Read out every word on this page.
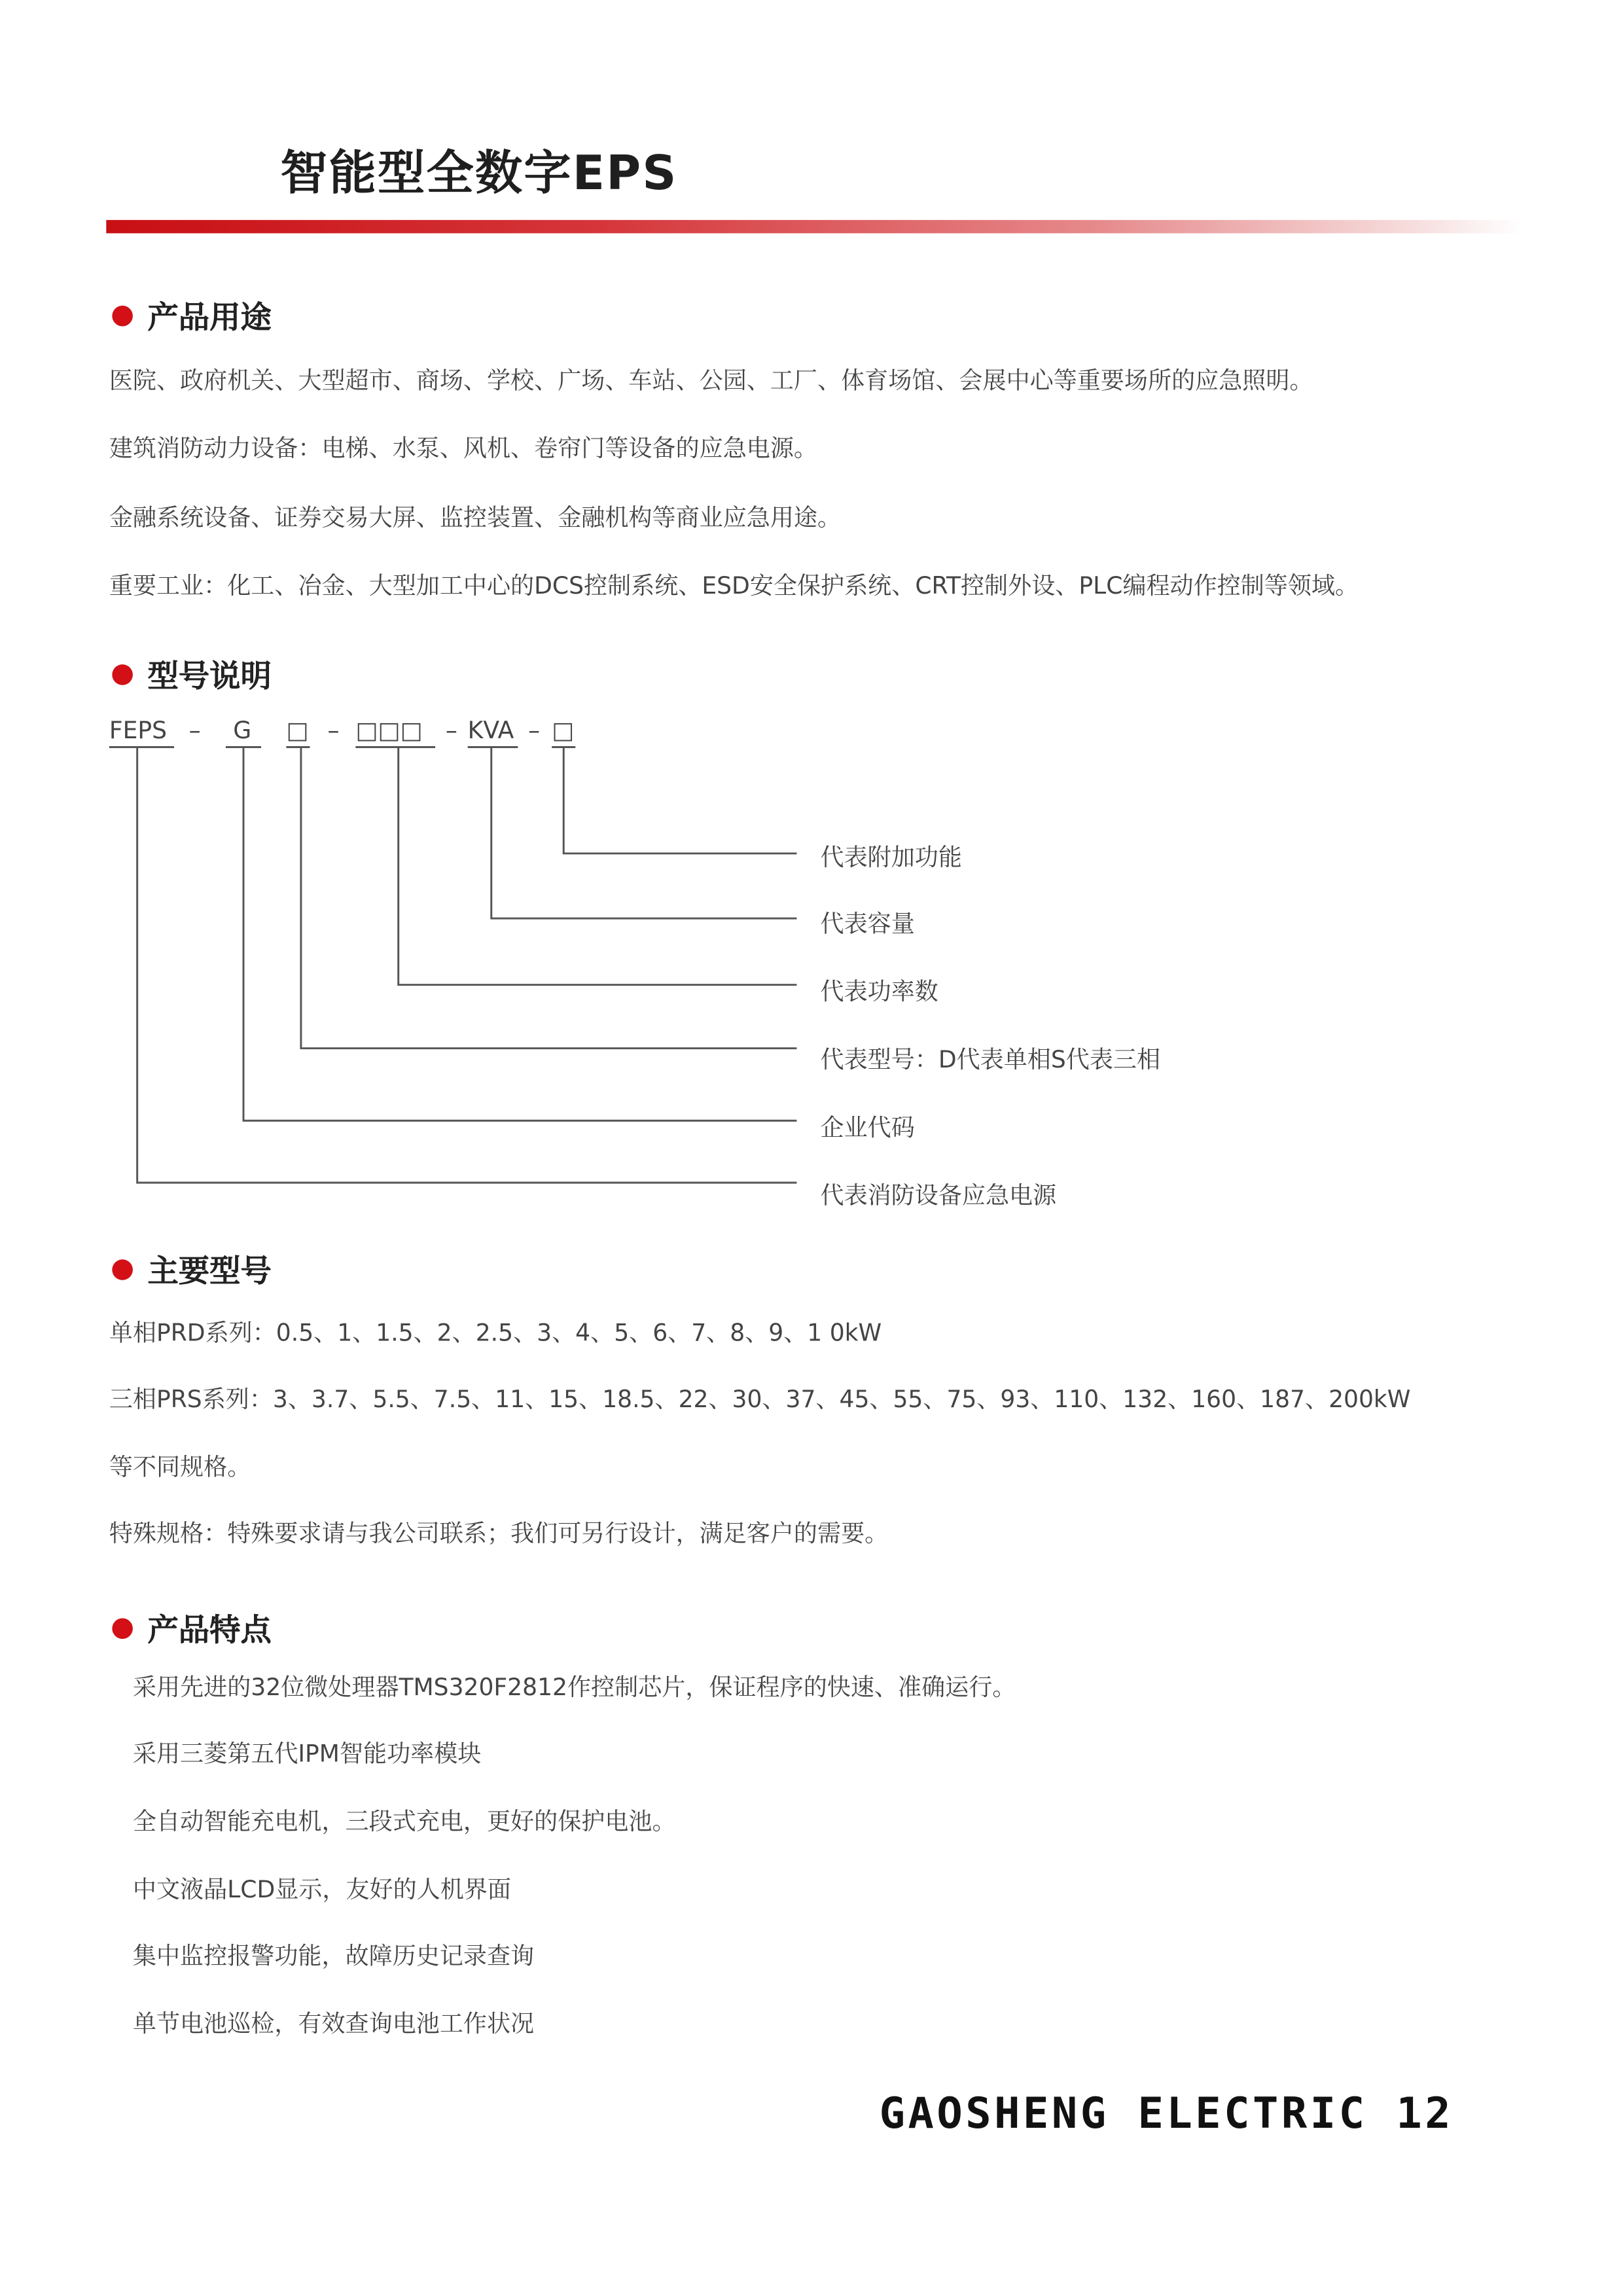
智能型全数字EPS
产品用途
医院、政府机关、大型超市、商场、学校、广场、车站、公园、工厂、体育场馆、会展中心等重要场所的应急照明。
建筑消防动力设备：电梯、水泵、风机、卷帘门等设备的应急电源。
金融系统设备、证券交易大屏、监控装置、金融机构等商业应急用途。
重要工业：化工、冶金、大型加工中心的DCS控制系统、ESD安全保护系统、CRT控制外设、PLC编程动作控制等领域。
型号说明
FEPS –	G	□ – □□□ – KVA – □
代表附加功能
代表容量
代表功率数
代表型号：D代表单相S代表三相
企业代码
代表消防设备应急电源
主要型号
单相PRD系列：0.5、1、1.5、2、2.5、3、4、5、6、7、8、9、1 0kW
三相PRS系列：3、3.7、5.5、7.5、11、15、18.5、22、30、37、45、55、75、93、110、132、160、187、200kW
等不同规格。
特殊规格：特殊要求请与我公司联系；我们可另行设计，满足客户的需要。
产品特点
采用先进的32位微处理器TMS320F2812作控制芯片，保证程序的快速、准确运行。
采用三菱第五代IPM智能功率模块
全自动智能充电机，三段式充电，更好的保护电池。
中文液晶LCD显示，友好的人机界面
集中监控报警功能，故障历史记录查询
单节电池巡检，有效查询电池工作状况
GAOSHENG ELECTRIC 12
